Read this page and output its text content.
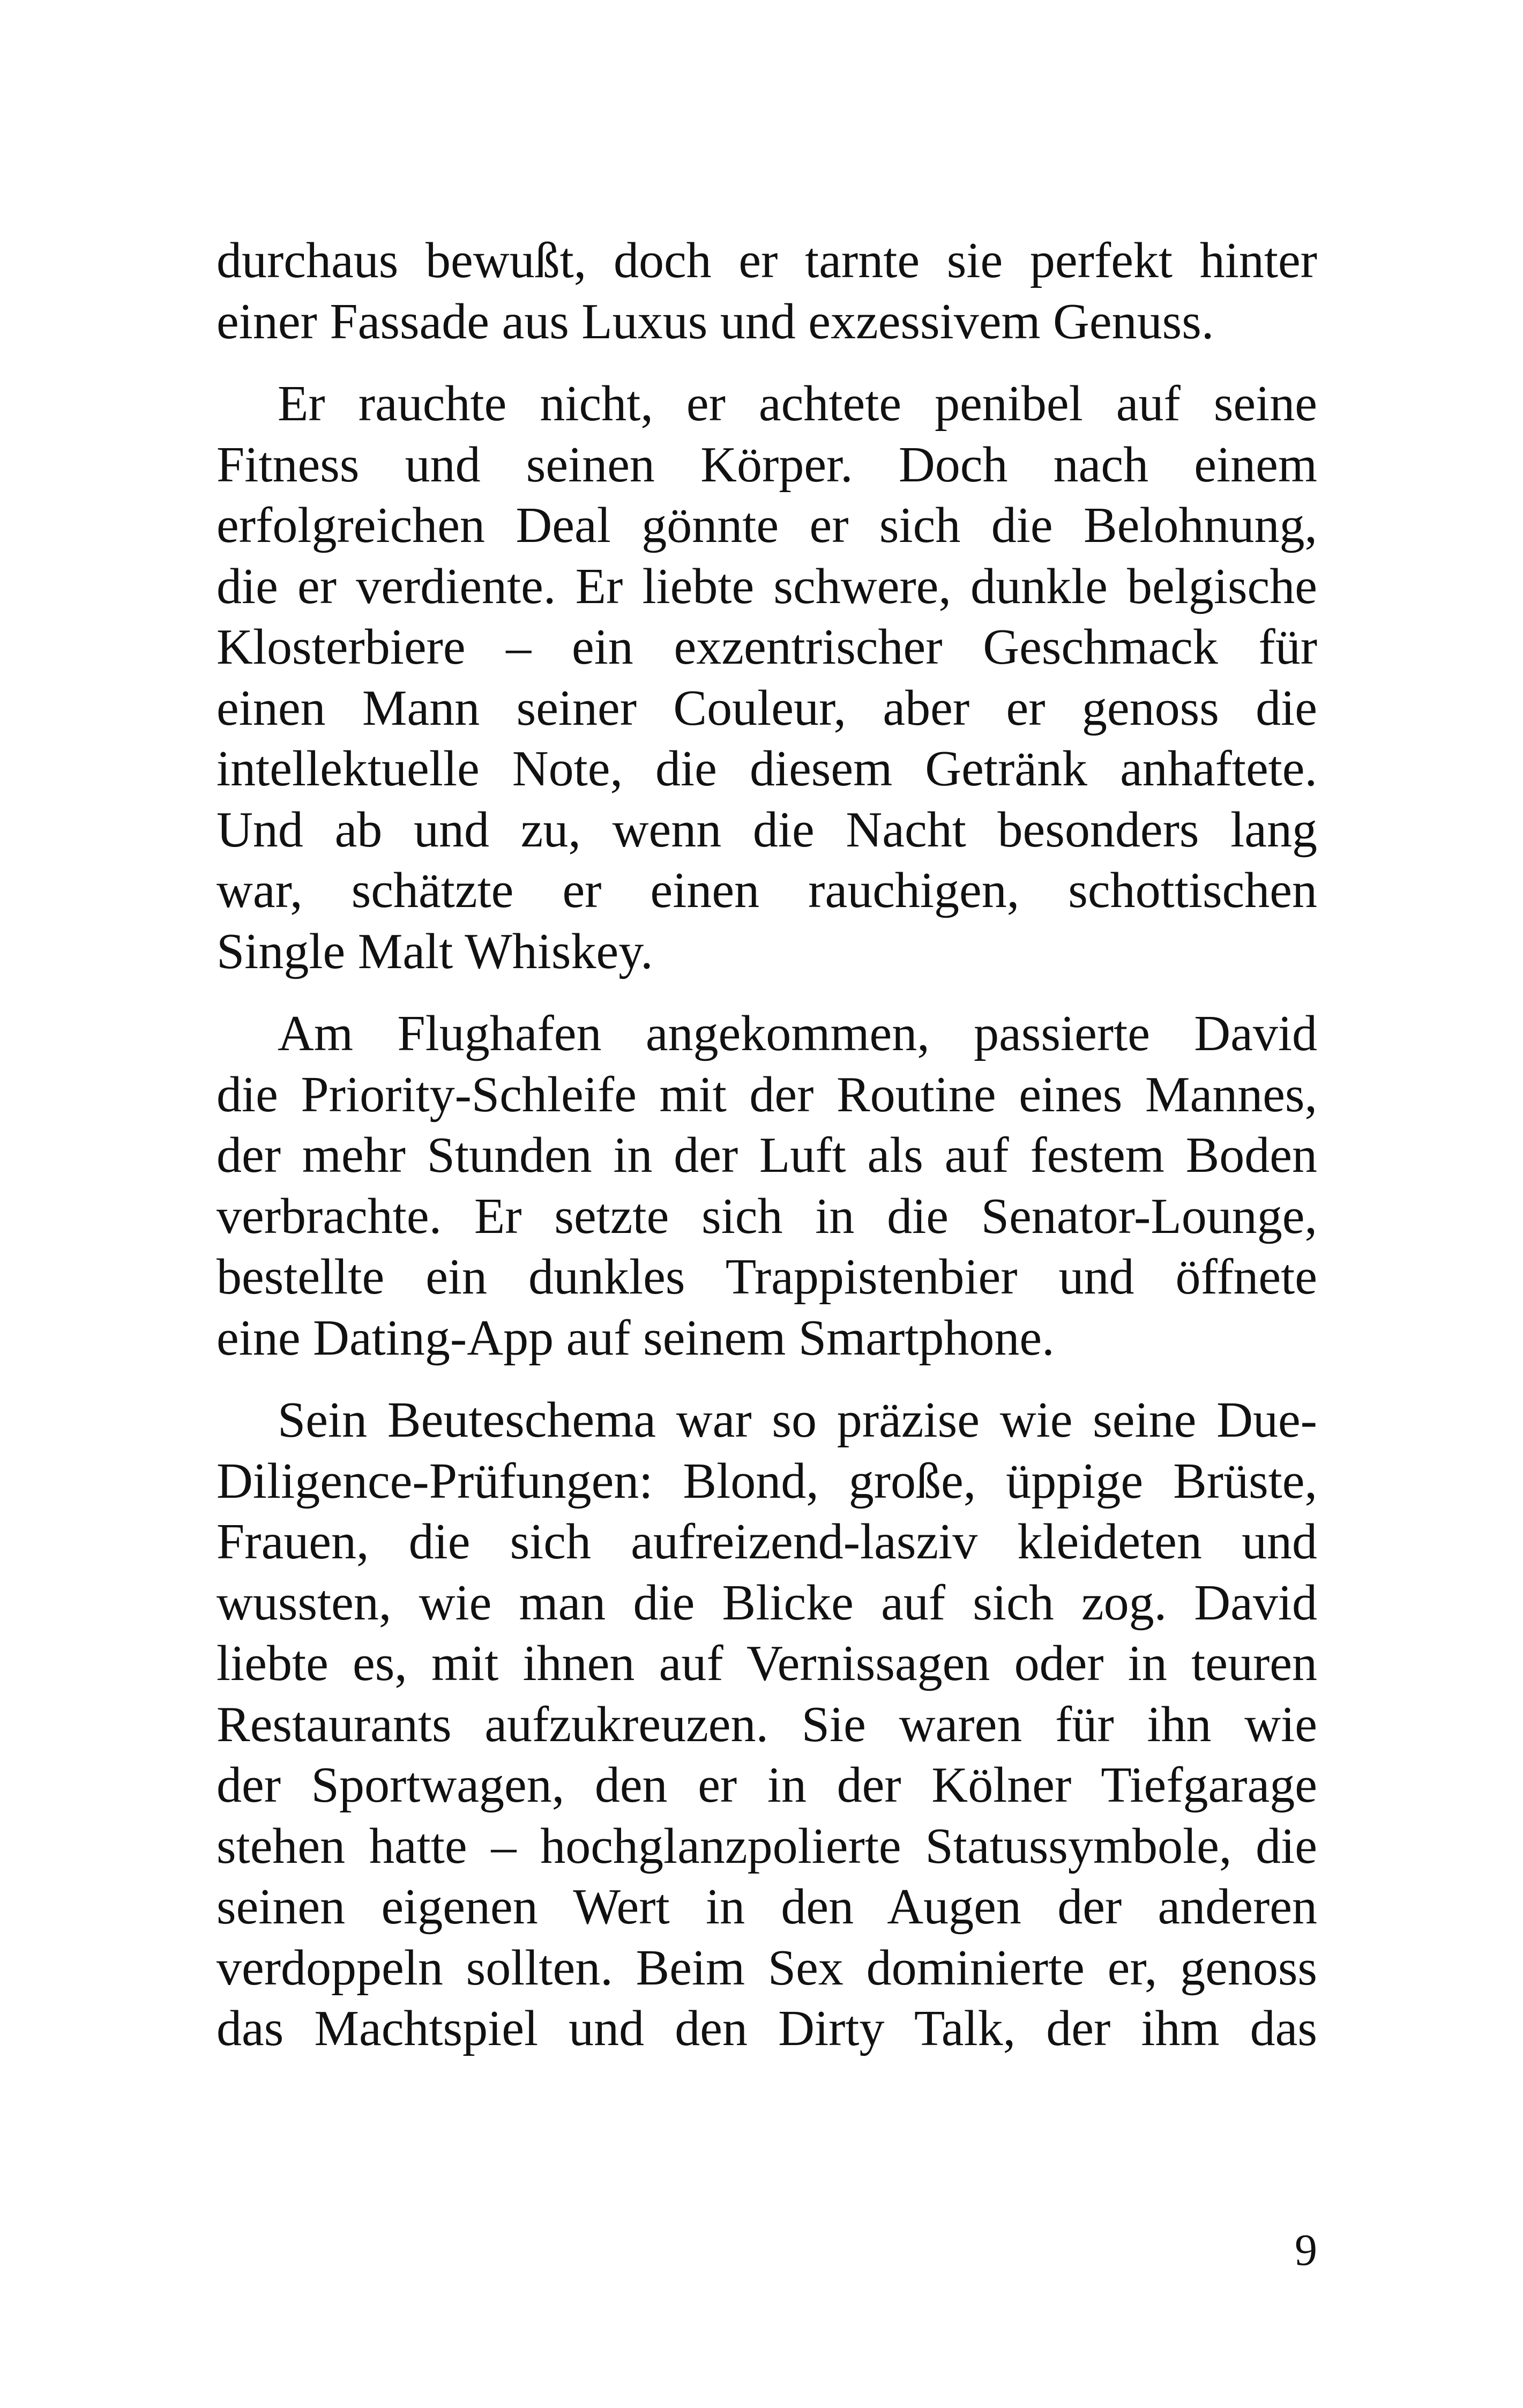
durchaus bewußt, doch er tarnte sie perfekt hinter
einer Fassade aus Luxus und exzessivem Genuss.

Er rauchte nicht, er achtete penibel auf seine
Fitness und seinen Körper. Doch nach einem
erfolgreichen Deal gönnte er sich die Belohnung,
die er verdiente. Er liebte schwere, dunkle belgische
Klosterbiere – ein exzentrischer Geschmack für
einen Mann seiner Couleur, aber er genoss die
intellektuelle Note, die diesem Getränk anhaftete.
Und ab und zu, wenn die Nacht besonders lang
war, schätzte er einen rauchigen, schottischen
Single Malt Whiskey.

Am Flughafen angekommen, passierte David
die Priority-Schleife mit der Routine eines Mannes,
der mehr Stunden in der Luft als auf festem Boden
verbrachte. Er setzte sich in die Senator-Lounge,
bestellte ein dunkles Trappistenbier und öffnete
eine Dating-App auf seinem Smartphone.

Sein Beuteschema war so präzise wie seine Due-
Diligence-Prüfungen: Blond, große, üppige Brüste,
Frauen, die sich aufreizend-lasziv kleideten und
wussten, wie man die Blicke auf sich zog. David
liebte es, mit ihnen auf Vernissagen oder in teuren
Restaurants aufzukreuzen. Sie waren für ihn wie
der Sportwagen, den er in der Kölner Tiefgarage
stehen hatte – hochglanzpolierte Statussymbole, die
seinen eigenen Wert in den Augen der anderen
verdoppeln sollten. Beim Sex dominierte er, genoss
das Machtspiel und den Dirty Talk, der ihm das

9
